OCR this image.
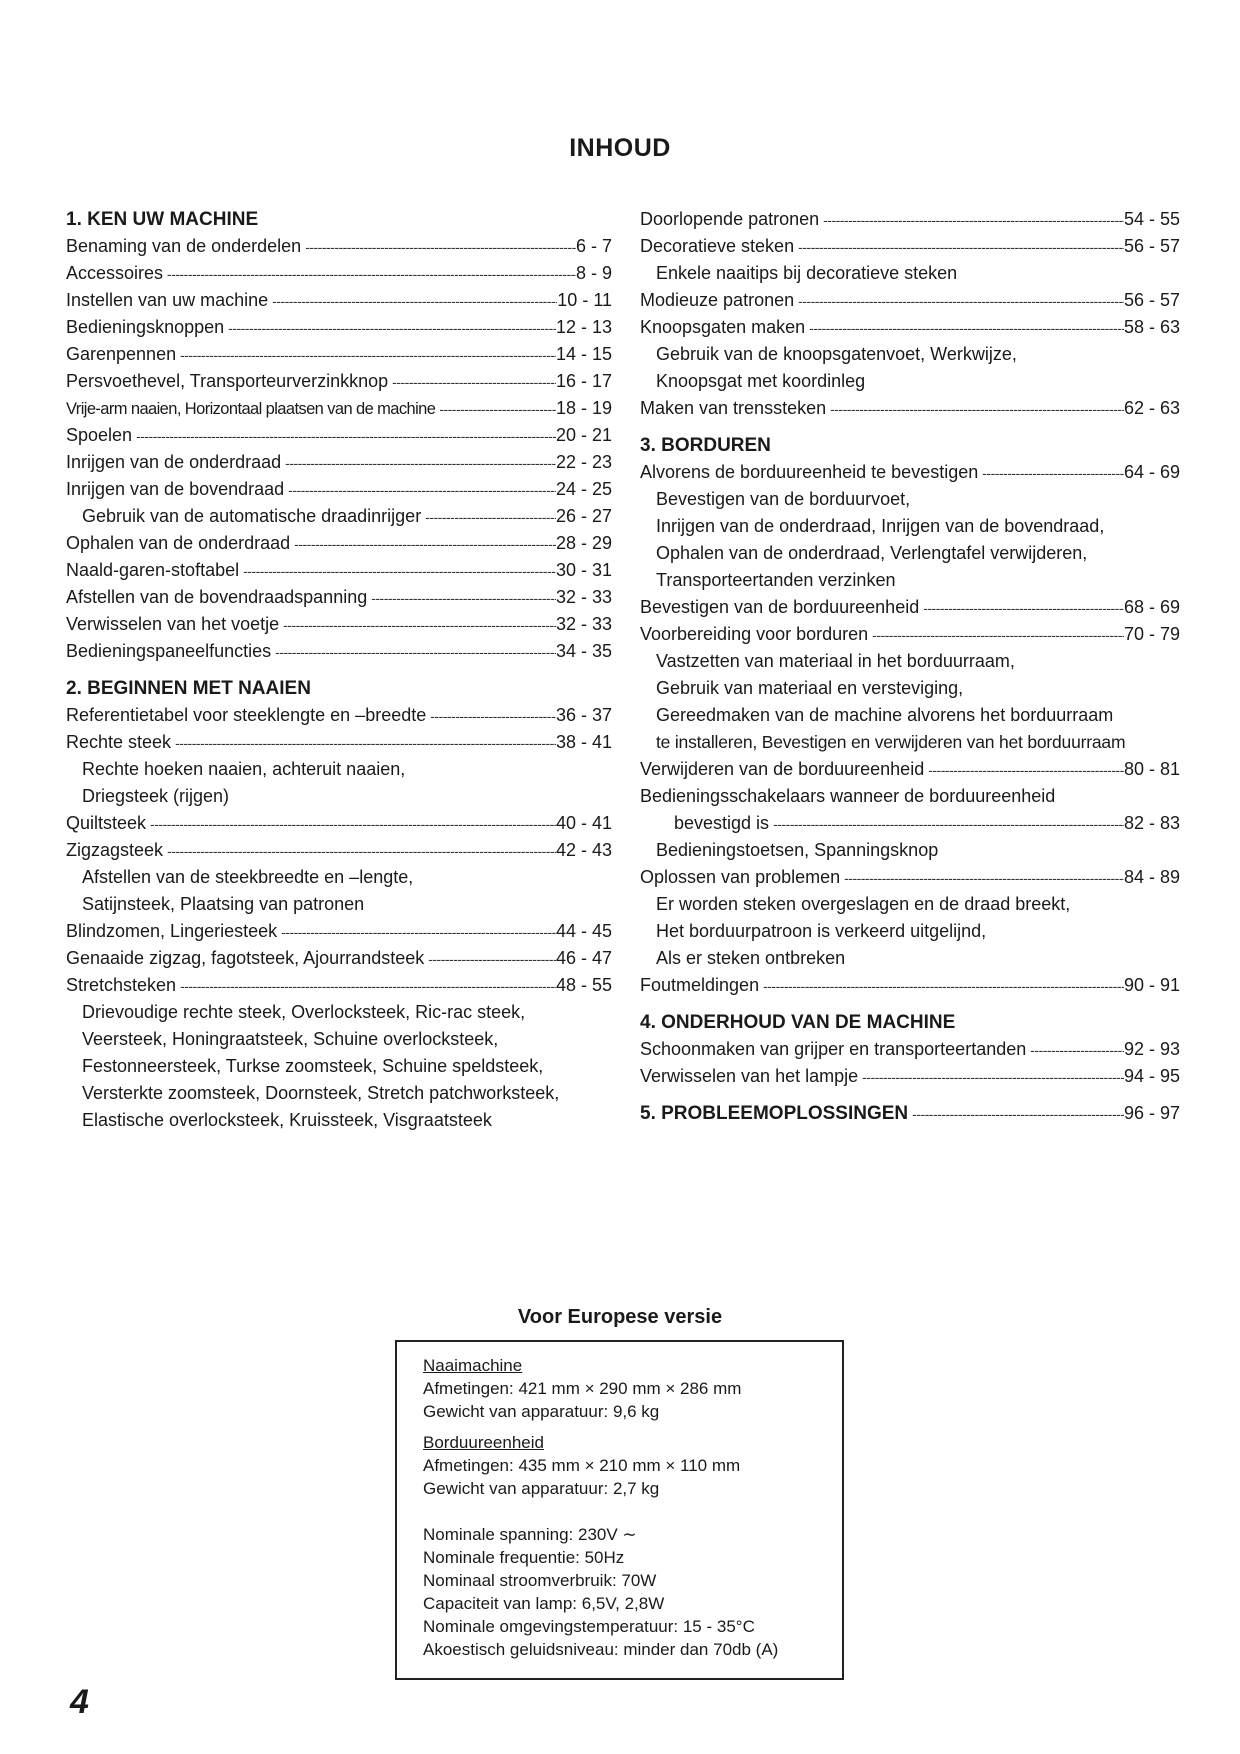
INHOUD
1. KEN UW MACHINE
Benaming van de onderdelen -----	6 - 7
Accessoires -----	8 - 9
Instellen van uw machine -----	10 - 11
Bedieningsknoppen -----	12 - 13
Garenpennen -----	14 - 15
Persvoethevel, Transporteurverzinkknop -----	16 - 17
Vrije-arm naaien, Horizontaal plaatsen van de machine -----	18 - 19
Spoelen -----	20 - 21
Inrijgen van de onderdraad -----	22 - 23
Inrijgen van de bovendraad -----	24 - 25
Gebruik van de automatische draadinrijger -----	26 - 27
Ophalen van de onderdraad -----	28 - 29
Naald-garen-stoftabel -----	30 - 31
Afstellen van de bovendraadspanning -----	32 - 33
Verwisselen van het voetje -----	32 - 33
Bedieningspaneelfuncties -----	34 - 35
2. BEGINNEN MET NAAIEN
Referentietabel voor steeklengte en –breedte -----	36 - 37
Rechte steek -----	38 - 41
Rechte hoeken naaien, achteruit naaien,
Driegsteek (rijgen)
Quiltsteek -----	40 - 41
Zigzagsteek -----	42 - 43
Afstellen van de steekbreedte en –lengte,
Satijnsteek, Plaatsing van patronen
Blindzomen, Lingeriesteek -----	44 - 45
Genaaide zigzag, fagotsteek, Ajourrandsteek -----	46 - 47
Stretchsteken -----	48 - 55
Drievoudige rechte steek, Overlocksteek, Ric-rac steek,
Veersteek, Honingraatsteek, Schuine overlocksteek,
Festonneersteek, Turkse zoomsteek, Schuine speldsteek,
Versterkte zoomsteek, Doornsteek, Stretch patchworksteek,
Elastische overlocksteek, Kruissteek, Visgraatsteek
Doorlopende patronen -----	54 - 55
Decoratieve steken -----	56 - 57
Enkele naaitips bij decoratieve steken
Modieuze patronen -----	56 - 57
Knoopsgaten maken -----	58 - 63
Gebruik van de knoopsgatenvoet, Werkwijze,
Knoopsgat met koordinleg
Maken van trenssteken -----	62 - 63
3. BORDUREN
Alvorens de borduureenheid te bevestigen -----	64 - 69
Bevestigen van de borduurvoet,
Inrijgen van de onderdraad, Inrijgen van de bovendraad,
Ophalen van de onderdraad, Verlengtafel verwijderen,
Transporteertanden verzinken
Bevestigen van de borduureenheid -----	68 - 69
Voorbereiding voor borduren -----	70 - 79
Vastzetten van materiaal in het borduurraam,
Gebruik van materiaal en versteviging,
Gereedmaken van de machine alvorens het borduurraam
te installeren, Bevestigen en verwijderen van het borduurraam
Verwijderen van de borduureenheid -----	80 - 81
Bedieningsschakelaars wanneer de borduureenheid
bevestigd is -----	82 - 83
Bedieningstoetsen, Spanningsknop
Oplossen van problemen -----	84 - 89
Er worden steken overgeslagen en de draad breekt,
Het borduurpatroon is verkeerd uitgelijnd,
Als er steken ontbreken
Foutmeldingen -----	90 - 91
4. ONDERHOUD VAN DE MACHINE
Schoonmaken van grijper en transporteertanden -----	92 - 93
Verwisselen van het lampje -----	94 - 95
5. PROBLEEMOPLOSSINGEN -----	96 - 97
Voor Europese versie
Naaimachine
Afmetingen: 421 mm × 290 mm × 286 mm
Gewicht van apparatuur: 9,6 kg
Borduureenheid
Afmetingen: 435 mm × 210 mm × 110 mm
Gewicht van apparatuur: 2,7 kg
Nominale spanning: 230V ∼
Nominale frequentie: 50Hz
Nominaal stroomverbruik: 70W
Capaciteit van lamp: 6,5V, 2,8W
Nominale omgevingstemperatuur: 15 - 35°C
Akoestisch geluidsniveau: minder dan 70db (A)
4
